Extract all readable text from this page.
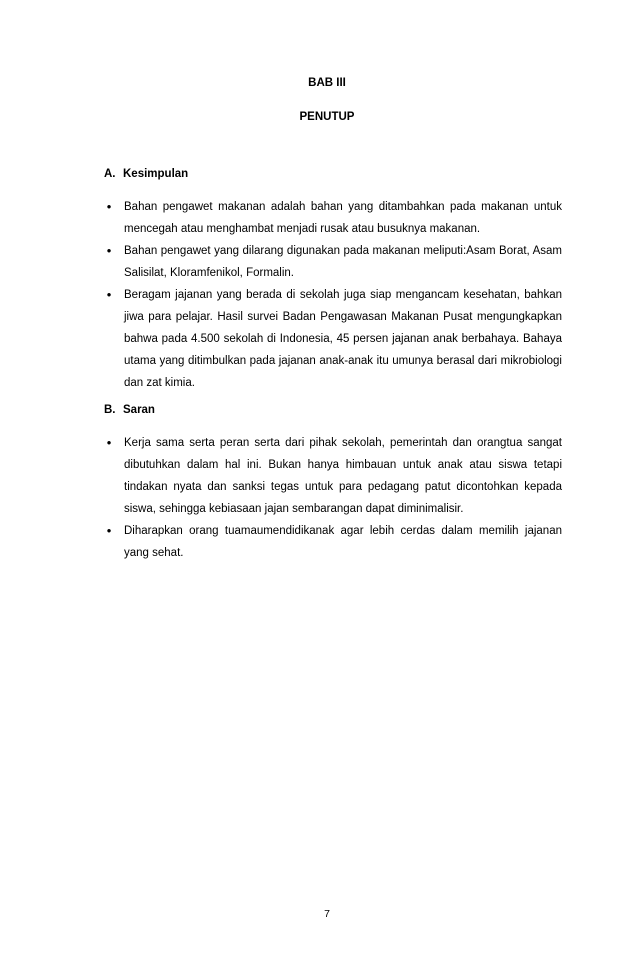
BAB III
PENUTUP
A. Kesimpulan
• Bahan pengawet makanan adalah bahan yang ditambahkan pada makanan untuk mencegah atau menghambat menjadi rusak atau busuknya makanan.
• Bahan pengawet yang dilarang digunakan pada makanan meliputi:Asam Borat, Asam Salisilat, Kloramfenikol, Formalin.
• Beragam jajanan yang berada di sekolah juga siap mengancam kesehatan, bahkan jiwa para pelajar. Hasil survei Badan Pengawasan Makanan Pusat mengungkapkan bahwa pada 4.500 sekolah di Indonesia, 45 persen jajanan anak berbahaya. Bahaya utama yang ditimbulkan pada jajanan anak-anak itu umunya berasal dari mikrobiologi dan zat kimia.
B. Saran
• Kerja sama serta peran serta dari pihak sekolah, pemerintah dan orangtua sangat dibutuhkan dalam hal ini. Bukan hanya himbauan untuk anak atau siswa tetapi tindakan nyata dan sanksi tegas untuk para pedagang patut dicontohkan kepada siswa, sehingga kebiasaan jajan sembarangan dapat diminimalisir.
• Diharapkan orang tuamaumendidikanak agar lebih cerdas dalam memilih jajanan yang sehat.
7
